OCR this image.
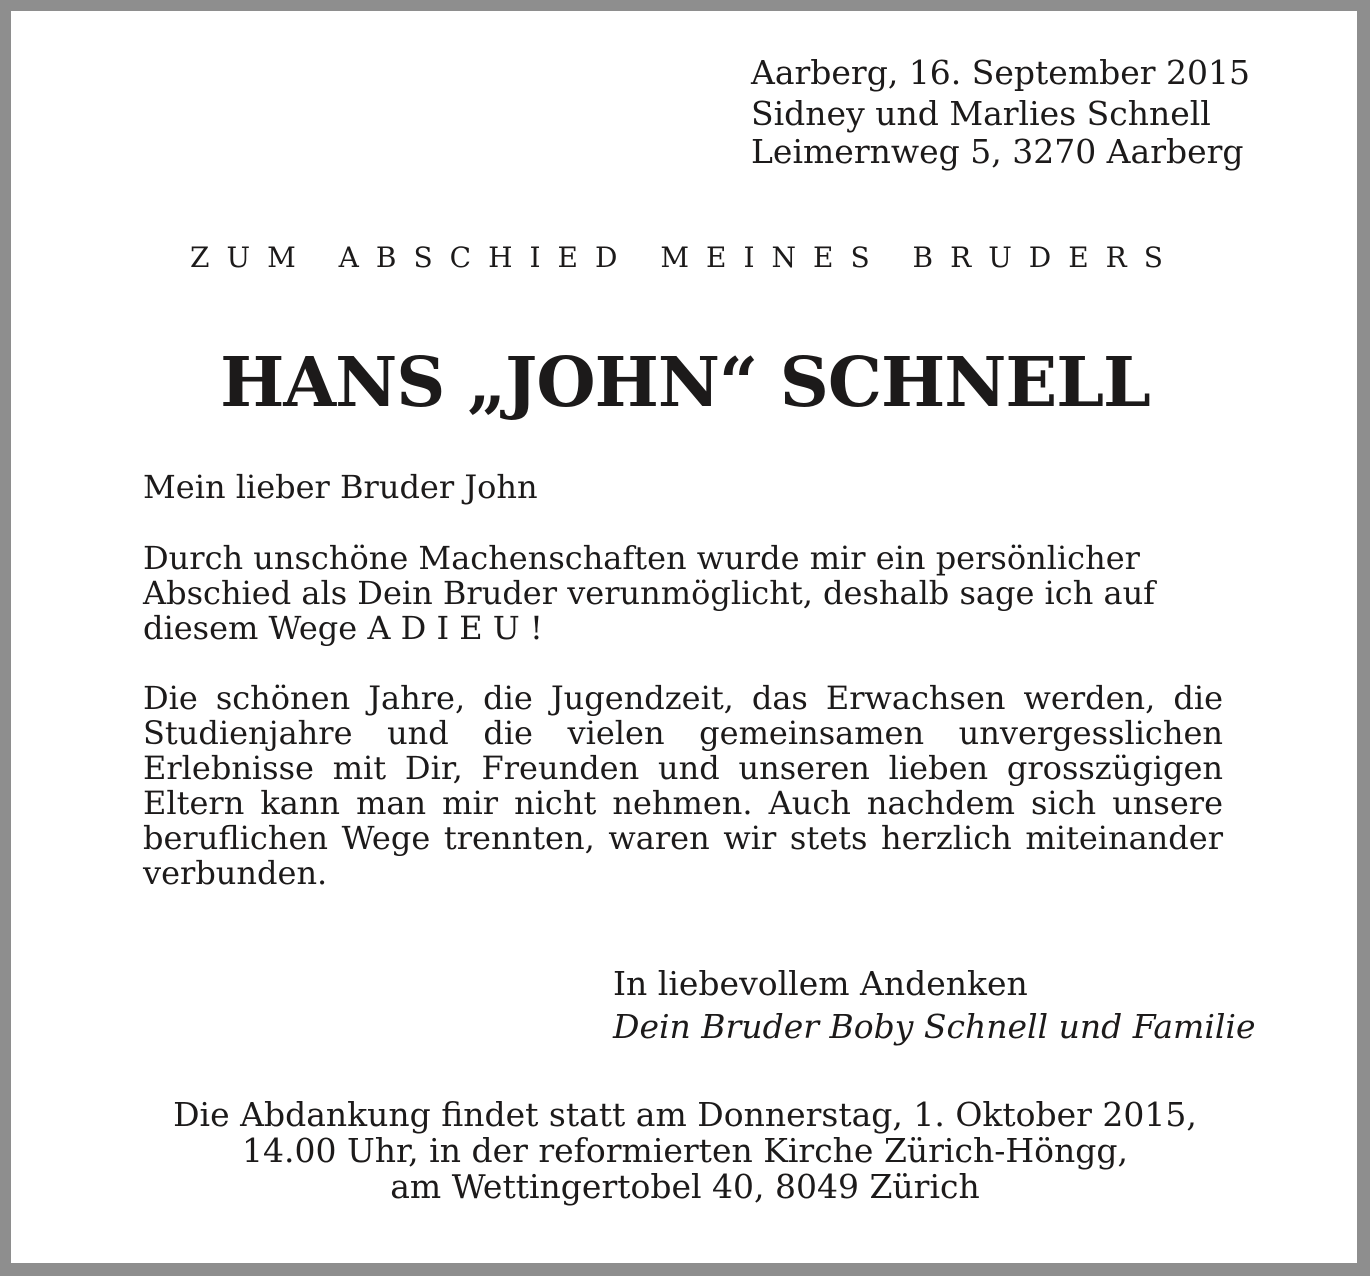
Aarberg, 16. September 2015
Sidney und Marlies Schnell
Leimernweg 5, 3270 Aarberg
ZUM ABSCHIED MEINES BRUDERS
HANS „JOHN“ SCHNELL

Mein lieber Bruder John

Durch unschöne Machenschaften wurde mir ein persönlicher Abschied als Dein Bruder verunmöglicht, deshalb sage ich auf diesem Wege A D I E U !

Die schönen Jahre, die Jugendzeit, das Erwachsen werden, die Studienjahre und die vielen gemeinsamen unvergesslichen Erlebnisse mit Dir, Freunden und unseren lieben grosszügigen Eltern kann man mir nicht nehmen. Auch nachdem sich unsere beruflichen Wege trennten, waren wir stets herzlich miteinander verbunden.

In liebevollem Andenken
Dein Bruder Boby Schnell und Familie
Die Abdankung findet statt am Donnerstag, 1. Oktober 2015,
14.00 Uhr, in der reformierten Kirche Zürich-Höngg,
am Wettingertobel 40, 8049 Zürich
